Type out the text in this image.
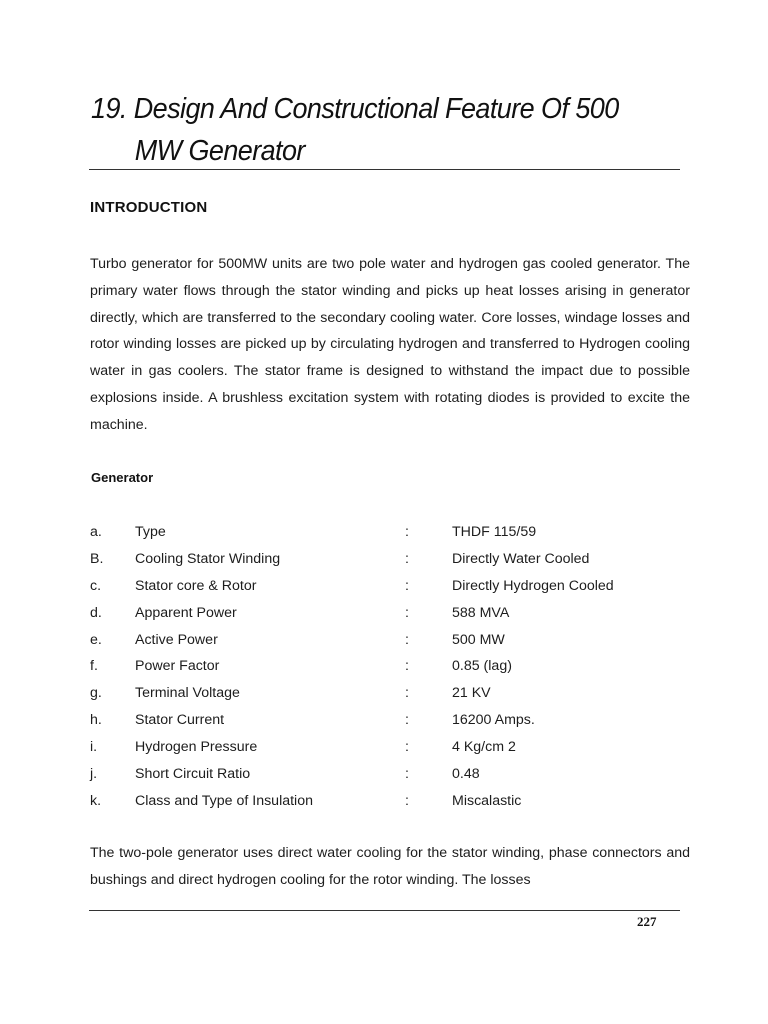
19. Design And Constructional Feature Of 500
MW Generator
INTRODUCTION
Turbo generator for 500MW units are two pole water and hydrogen gas cooled generator. The primary water flows through the stator winding and picks up heat losses arising in generator directly, which are transferred to the secondary cooling water. Core losses, windage losses and rotor winding losses are picked up by circulating hydrogen and transferred to Hydrogen cooling water in gas coolers. The stator frame is designed to withstand the impact due to possible explosions inside. A brushless excitation system with rotating diodes is provided to excite the machine.
Generator
a. Type	:	THDF 115/59
B. Cooling Stator Winding	:	Directly Water Cooled
c. Stator core & Rotor	:	Directly Hydrogen Cooled
d. Apparent Power	:	588 MVA
e. Active Power	:	500 MW
f.	Power Factor	:	0.85 (lag)
g. Terminal Voltage	:	21 KV
h. Stator Current	:	16200 Amps.
i.	Hydrogen Pressure	:	4 Kg/cm 2
j.	Short Circuit Ratio	:	0.48
k. Class and Type of Insulation	:	Miscalastic
The two-pole generator uses direct water cooling for the stator winding, phase connectors and bushings and direct hydrogen cooling for the rotor winding. The losses
227
